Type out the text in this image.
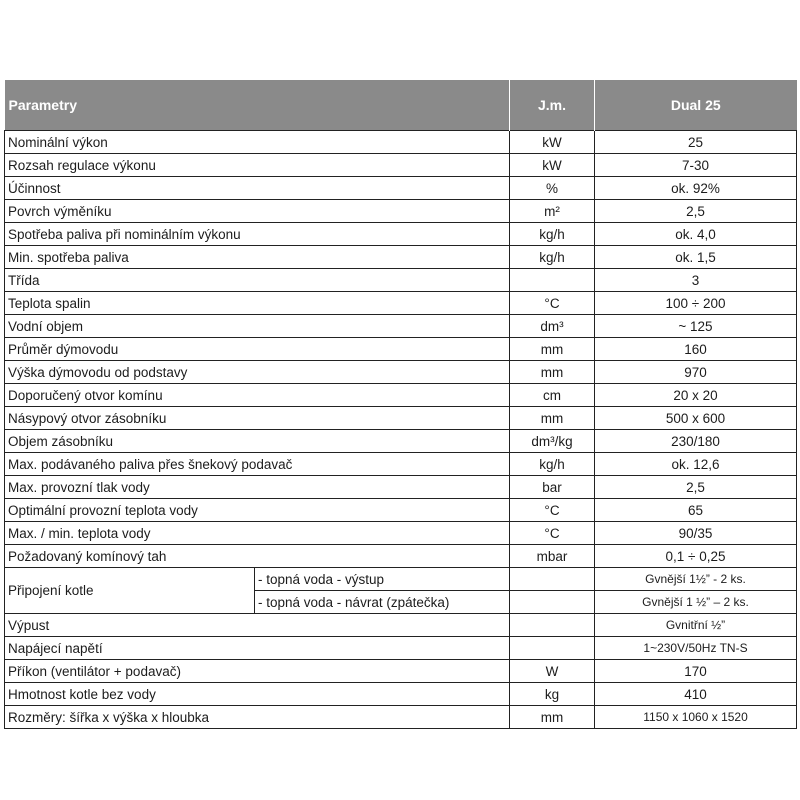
Parametry		J.m.	Dual 25
Nominální výkon		kW	25
Rozsah regulace výkonu		kW	7-30
Účinnost		%	ok. 92%
Povrch výměníku		m²	2,5
Spotřeba paliva při nominálním výkonu		kg/h	ok. 4,0
Min. spotřeba paliva		kg/h	ok. 1,5
Třída			3
Teplota spalin		°C	100 ÷ 200
Vodní objem		dm³	~ 125
Průměr dýmovodu		mm	160
Výška dýmovodu od podstavy		mm	970
Doporučený otvor komínu		cm	20 x 20
Násypový otvor zásobníku		mm	500 x 600
Objem zásobníku		dm³/kg	230/180
Max. podávaného paliva přes šnekový podavač		kg/h	ok. 12,6
Max. provozní tlak vody		bar	2,5
Optimální provozní teplota vody		°C	65
Max. / min. teplota vody		°C	90/35
Požadovaný komínový tah		mbar	0,1 ÷ 0,25
Připojení kotle	- topná voda - výstup		Gvnější 1½” - 2 ks.
	- topná voda - návrat (zpátečka)		Gvnější 1 ½” – 2 ks.
Výpust			Gvnitřní ½”
Napájecí napětí			1~230V/50Hz TN-S
Příkon (ventilátor + podavač)		W	170
Hmotnost kotle bez vody		kg	410
Rozměry: šířka x výška x hloubka		mm	1150 x 1060 x 1520
